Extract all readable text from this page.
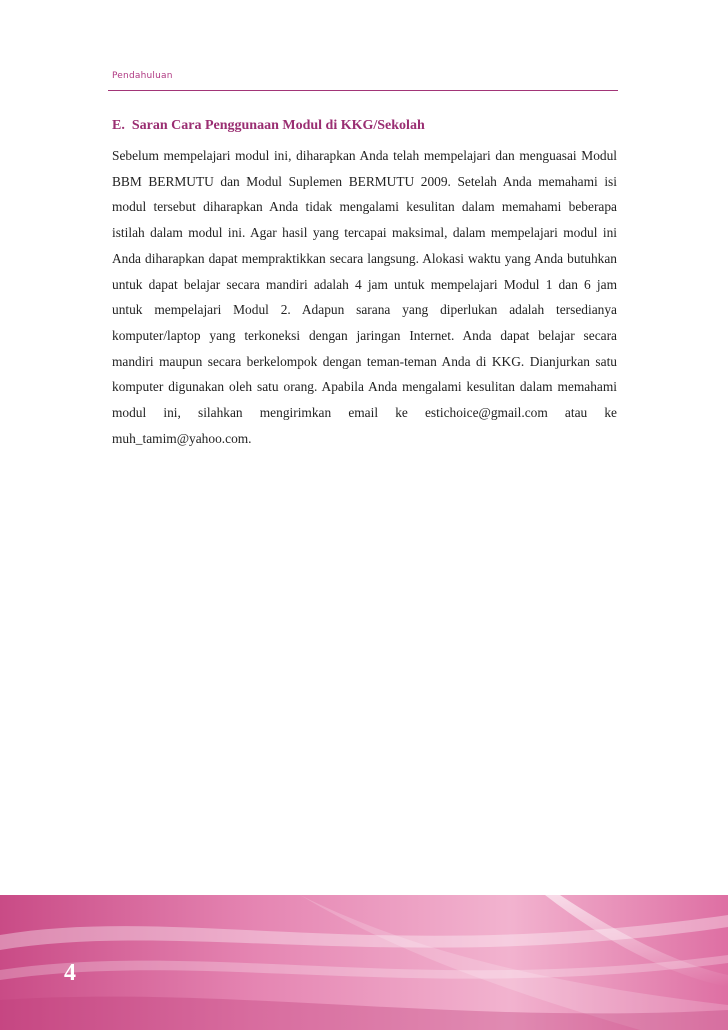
Pendahuluan
E. Saran Cara Penggunaan Modul di KKG/Sekolah

Sebelum mempelajari modul ini, diharapkan Anda telah mempelajari dan menguasai Modul BBM BERMUTU dan Modul Suplemen BERMUTU 2009. Setelah Anda memahami isi modul tersebut diharapkan Anda tidak mengalami kesulitan dalam memahami beberapa istilah dalam modul ini. Agar hasil yang tercapai maksimal, dalam mempelajari modul ini Anda diharapkan dapat mempraktikkan secara langsung. Alokasi waktu yang Anda butuhkan untuk dapat belajar secara mandiri adalah 4 jam untuk mempelajari Modul 1 dan 6 jam untuk mempelajari Modul 2. Adapun sarana yang diperlukan adalah tersedianya komputer/laptop yang terkoneksi dengan jaringan Internet. Anda dapat belajar secara mandiri maupun secara berkelompok dengan teman-teman Anda di KKG. Dianjurkan satu komputer digunakan oleh satu orang. Apabila Anda mengalami kesulitan dalam memahami modul ini, silahkan mengirimkan email ke estichoice@gmail.com atau ke muh_tamim@yahoo.com.

4
